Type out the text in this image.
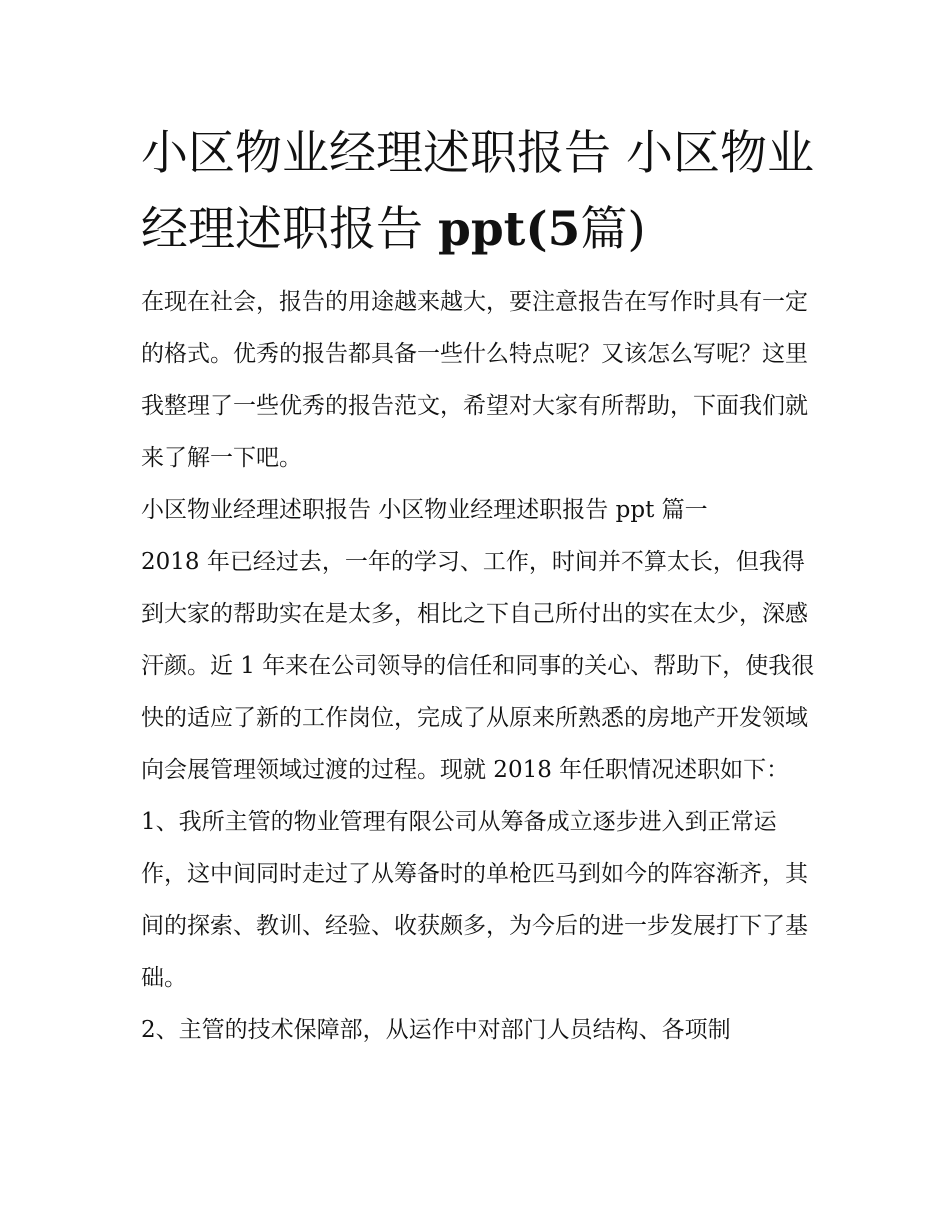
小区物业经理述职报告 小区物业经理述职报告 ppt(5篇)

在现在社会，报告的用途越来越大，要注意报告在写作时具有一定的格式。优秀的报告都具备一些什么特点呢？又该怎么写呢？这里我整理了一些优秀的报告范文，希望对大家有所帮助，下面我们就来了解一下吧。

小区物业经理述职报告 小区物业经理述职报告 ppt 篇一

2018 年已经过去，一年的学习、工作，时间并不算太长，但我得到大家的帮助实在是太多，相比之下自己所付出的实在太少，深感汗颜。近 1 年来在公司领导的信任和同事的关心、帮助下，使我很快的适应了新的工作岗位，完成了从原来所熟悉的房地产开发领域向会展管理领域过渡的过程。现就 2018 年任职情况述职如下：

1、我所主管的物业管理有限公司从筹备成立逐步进入到正常运作，这中间同时走过了从筹备时的单枪匹马到如今的阵容渐齐，其间的探索、教训、经验、收获颇多，为今后的进一步发展打下了基础。

2、主管的技术保障部，从运作中对部门人员结构、各项制
